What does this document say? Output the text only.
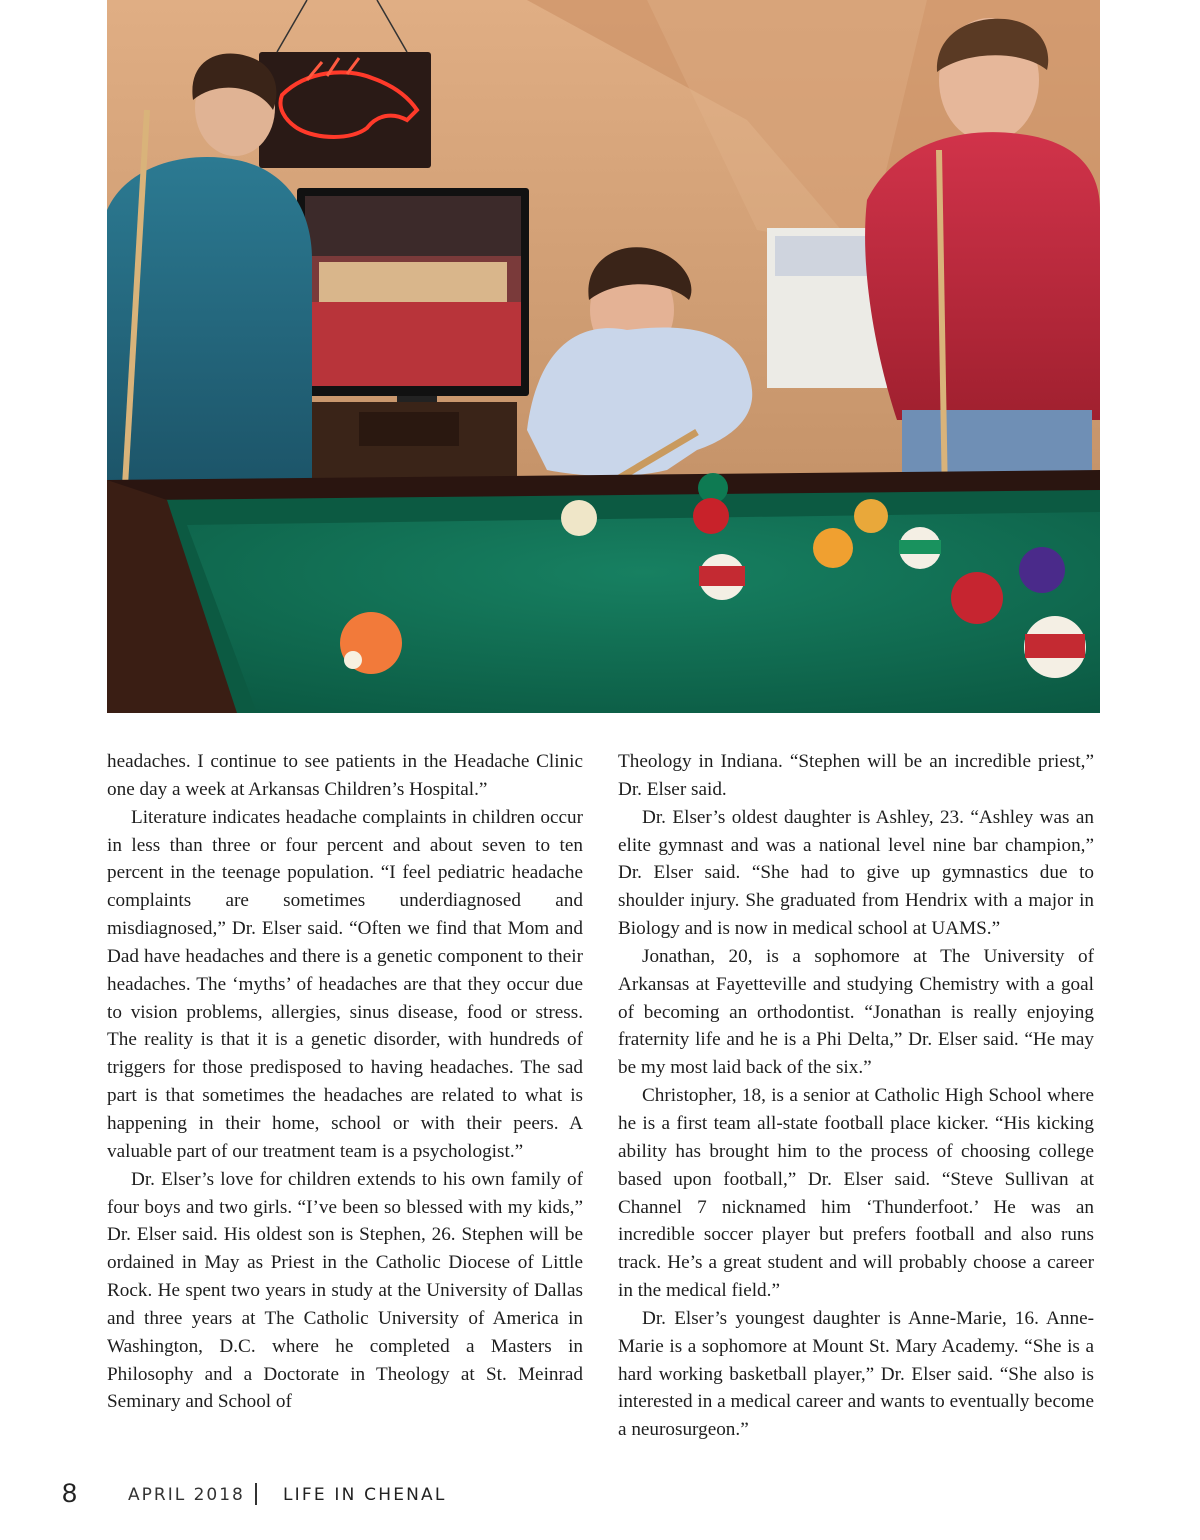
headaches. I continue to see patients in the Headache Clinic one day a week at Arkansas Children’s Hospital.”

Literature indicates headache complaints in children occur in less than three or four percent and about seven to ten percent in the teenage population. “I feel pediatric headache complaints are sometimes underdiagnosed and misdiagnosed,” Dr. Elser said. “Often we find that Mom and Dad have headaches and there is a genetic component to their headaches. The ‘myths’ of headaches are that they occur due to vision problems, allergies, sinus disease, food or stress. The reality is that it is a genetic disorder, with hundreds of triggers for those predisposed to having headaches. The sad part is that sometimes the headaches are related to what is happening in their home, school or with their peers. A valuable part of our treatment team is a psychologist.”

Dr. Elser’s love for children extends to his own family of four boys and two girls. “I’ve been so blessed with my kids,” Dr. Elser said. His oldest son is Stephen, 26. Stephen will be ordained in May as Priest in the Catholic Diocese of Little Rock. He spent two years in study at the University of Dallas and three years at The Catholic University of America in Washington, D.C. where he completed a Masters in Philosophy and a Doctorate in Theology at St. Meinrad Seminary and School of

Theology in Indiana. “Stephen will be an incredible priest,” Dr. Elser said.

Dr. Elser’s oldest daughter is Ashley, 23. “Ashley was an elite gymnast and was a national level nine bar champion,” Dr. Elser said. “She had to give up gymnastics due to shoulder injury. She graduated from Hendrix with a major in Biology and is now in medical school at UAMS.”

Jonathan, 20, is a sophomore at The University of Arkansas at Fayetteville and studying Chemistry with a goal of becoming an orthodontist. “Jonathan is really enjoying fraternity life and he is a Phi Delta,” Dr. Elser said. “He may be my most laid back of the six.”

Christopher, 18, is a senior at Catholic High School where he is a first team all-state football place kicker. “His kicking ability has brought him to the process of choosing college based upon football,” Dr. Elser said. “Steve Sullivan at Channel 7 nicknamed him ‘Thunderfoot.’ He was an incredible soccer player but prefers football and also runs track. He’s a great student and will probably choose a career in the medical field.”

Dr. Elser’s youngest daughter is Anne-Marie, 16. Anne-Marie is a sophomore at Mount St. Mary Academy. “She is a hard working basketball player,” Dr. Elser said. “She also is interested in a medical career and wants to eventually become a neurosurgeon.”

8	APRIL 2018 LIFE IN CHENAL
